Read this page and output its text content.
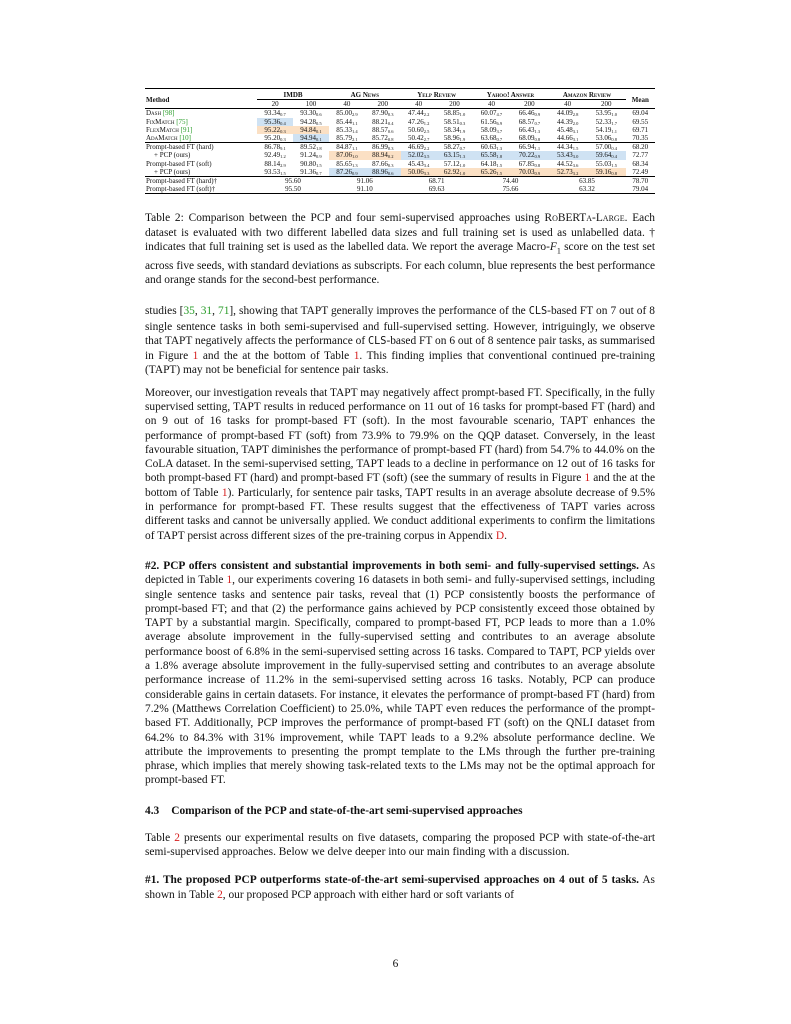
Method	IMDB		AG News		Yelp Review		Yahoo! Answer		Amazon Review		Mean
	20	100	40	200	40	200	40	200	40	200	
Dash [98]	$93.34_{0.7}$	$93.30_{0.6}$	$85.00_{2.9}$	$87.90_{0.3}$	$47.44_{2.2}$	$58.85_{1.0}$	$60.07_{4.7}$	$66.46_{0.9}$	$44.09_{2.8}$	$53.95_{1.0}$	69.04
FixMatch [75]	$95.36_{0.4}$	$94.28_{0.5}$	$85.44_{1.1}$	$88.21_{0.4}$	$47.26_{1.2}$	$58.51_{0.3}$	$61.56_{6.9}$	$68.57_{0.7}$	$44.39_{2.0}$	$52.33_{1.7}$	69.55
FlexMatch [91]	$95.22_{0.3}$	$94.84_{0.1}$	$85.33_{1.4}$	$88.57_{0.6}$	$50.60_{2.5}$	$58.34_{1.9}$	$58.09_{3.7}$	$66.43_{1.3}$	$45.48_{3.1}$	$54.19_{1.1}$	69.71
AdaMatch [10]	$95.20_{0.3}$	$94.94_{0.1}$	$85.79_{2.1}$	$85.72_{0.8}$	$50.42_{2.7}$	$58.96_{1.9}$	$63.68_{0.7}$	$68.09_{0.8}$	$44.66_{3.1}$	$53.06_{0.8}$	70.35
Prompt-based FT (hard)	$86.78_{9.1}$	$89.52_{1.8}$	$84.87_{1.1}$	$86.99_{0.3}$	$46.69_{2.2}$	$58.27_{0.7}$	$60.63_{1.3}$	$66.94_{1.1}$	$44.34_{1.5}$	$57.00_{0.4}$	68.20
+ PCP (ours)	$92.49_{1.2}$	$91.24_{0.9}$	$87.06_{1.0}$	$88.94_{0.2}$	$52.02_{3.5}$	$63.15_{1.3}$	$65.58_{1.8}$	$70.22_{0.9}$	$53.43_{3.0}$	$59.64_{0.4}$	72.77
Prompt-based FT (soft)	$88.14_{2.9}$	$90.80_{1.5}$	$85.65_{1.3}$	$87.66_{0.3}$	$45.43_{3.4}$	$57.12_{1.0}$	$64.18_{1.5}$	$67.85_{0.8}$	$44.52_{3.6}$	$55.03_{1.5}$	68.34
+ PCP (ours)	$93.53_{1.5}$	$91.36_{0.7}$	$87.26_{0.9}$	$88.96_{0.6}$	$50.06_{3.3}$	$62.92_{1.0}$	$65.26_{1.5}$	$70.03_{0.9}$	$52.73_{3.2}$	$59.16_{0.8}$	72.49
Prompt-based FT (hard)†	95.60		91.06		68.71		74.40		63.85		78.70
Prompt-based FT (soft)†	95.50		91.10		69.63		75.66		63.32		79.04
Table 2: Comparison between the PCP and four semi-supervised approaches using RoBERTa-Large. Each dataset is evaluated with two different labelled data sizes and full training set is used as unlabelled data. † indicates that full training set is used as the labelled data. We report the average Macro-$F_1$ score on the test set across five seeds, with standard deviations as subscripts. For each column, blue represents the best performance and orange stands for the second-best performance.

studies [35, 31, 71], showing that TAPT generally improves the performance of the CLS-based FT on 7 out of 8 single sentence tasks in both semi-supervised and full-supervised setting. However, intriguingly, we observe that TAPT negatively affects the performance of CLS-based FT on 6 out of 8 sentence pair tasks, as summarised in Figure 1 and the at the bottom of Table 1. This finding implies that conventional continued pre-training (TAPT) may not be beneficial for sentence pair tasks.

Moreover, our investigation reveals that TAPT may negatively affect prompt-based FT. Specifically, in the fully supervised setting, TAPT results in reduced performance on 11 out of 16 tasks for prompt-based FT (hard) and on 9 out of 16 tasks for prompt-based FT (soft). In the most favourable scenario, TAPT enhances the performance of prompt-based FT (soft) from 73.9% to 79.9% on the QQP dataset. Conversely, in the least favourable situation, TAPT diminishes the performance of prompt-based FT (hard) from 54.7% to 44.0% on the CoLA dataset. In the semi-supervised setting, TAPT leads to a decline in performance on 12 out of 16 tasks for both prompt-based FT (hard) and prompt-based FT (soft) (see the summary of results in Figure 1 and the at the bottom of Table 1). Particularly, for sentence pair tasks, TAPT results in an average absolute decrease of 9.5% in performance for prompt-based FT. These results suggest that the effectiveness of TAPT varies across different tasks and cannot be universally applied. We conduct additional experiments to confirm the limitations of TAPT persist across different sizes of the pre-training corpus in Appendix D.

#2. PCP offers consistent and substantial improvements in both semi- and fully-supervised settings. As depicted in Table 1, our experiments covering 16 datasets in both semi- and fully-supervised settings, including single sentence tasks and sentence pair tasks, reveal that (1) PCP consistently boosts the performance of prompt-based FT; and that (2) the performance gains achieved by PCP consistently exceed those obtained by TAPT by a substantial margin. Specifically, compared to prompt-based FT, PCP leads to more than a 1.0% average absolute improvement in the fully-supervised setting and contributes to an average absolute performance boost of 6.8% in the semi-supervised setting across 16 tasks. Compared to TAPT, PCP yields over a 1.8% average absolute improvement in the fully-supervised setting and contributes to an average absolute performance increase of 11.2% in the semi-supervised setting across 16 tasks. Notably, PCP can produce considerable gains in certain datasets. For instance, it elevates the performance of prompt-based FT (hard) from 7.2% (Matthews Correlation Coefficient) to 25.0%, while TAPT even reduces the performance of the prompt-based FT. Additionally, PCP improves the performance of prompt-based FT (soft) on the QNLI dataset from 64.2% to 84.3% with 31% improvement, while TAPT leads to a 9.2% absolute performance decline. We attribute the improvements to presenting the prompt template to the LMs through the further pre-training phrase, which implies that merely showing task-related texts to the LMs may not be the optimal approach for prompt-based FT.

4.3 Comparison of the PCP and state-of-the-art semi-supervised approaches

Table 2 presents our experimental results on five datasets, comparing the proposed PCP with state-of-the-art semi-supervised approaches. Below we delve deeper into our main finding with a discussion.

#1. The proposed PCP outperforms state-of-the-art semi-supervised approaches on 4 out of 5 tasks. As shown in Table 2, our proposed PCP approach with either hard or soft variants of

6
